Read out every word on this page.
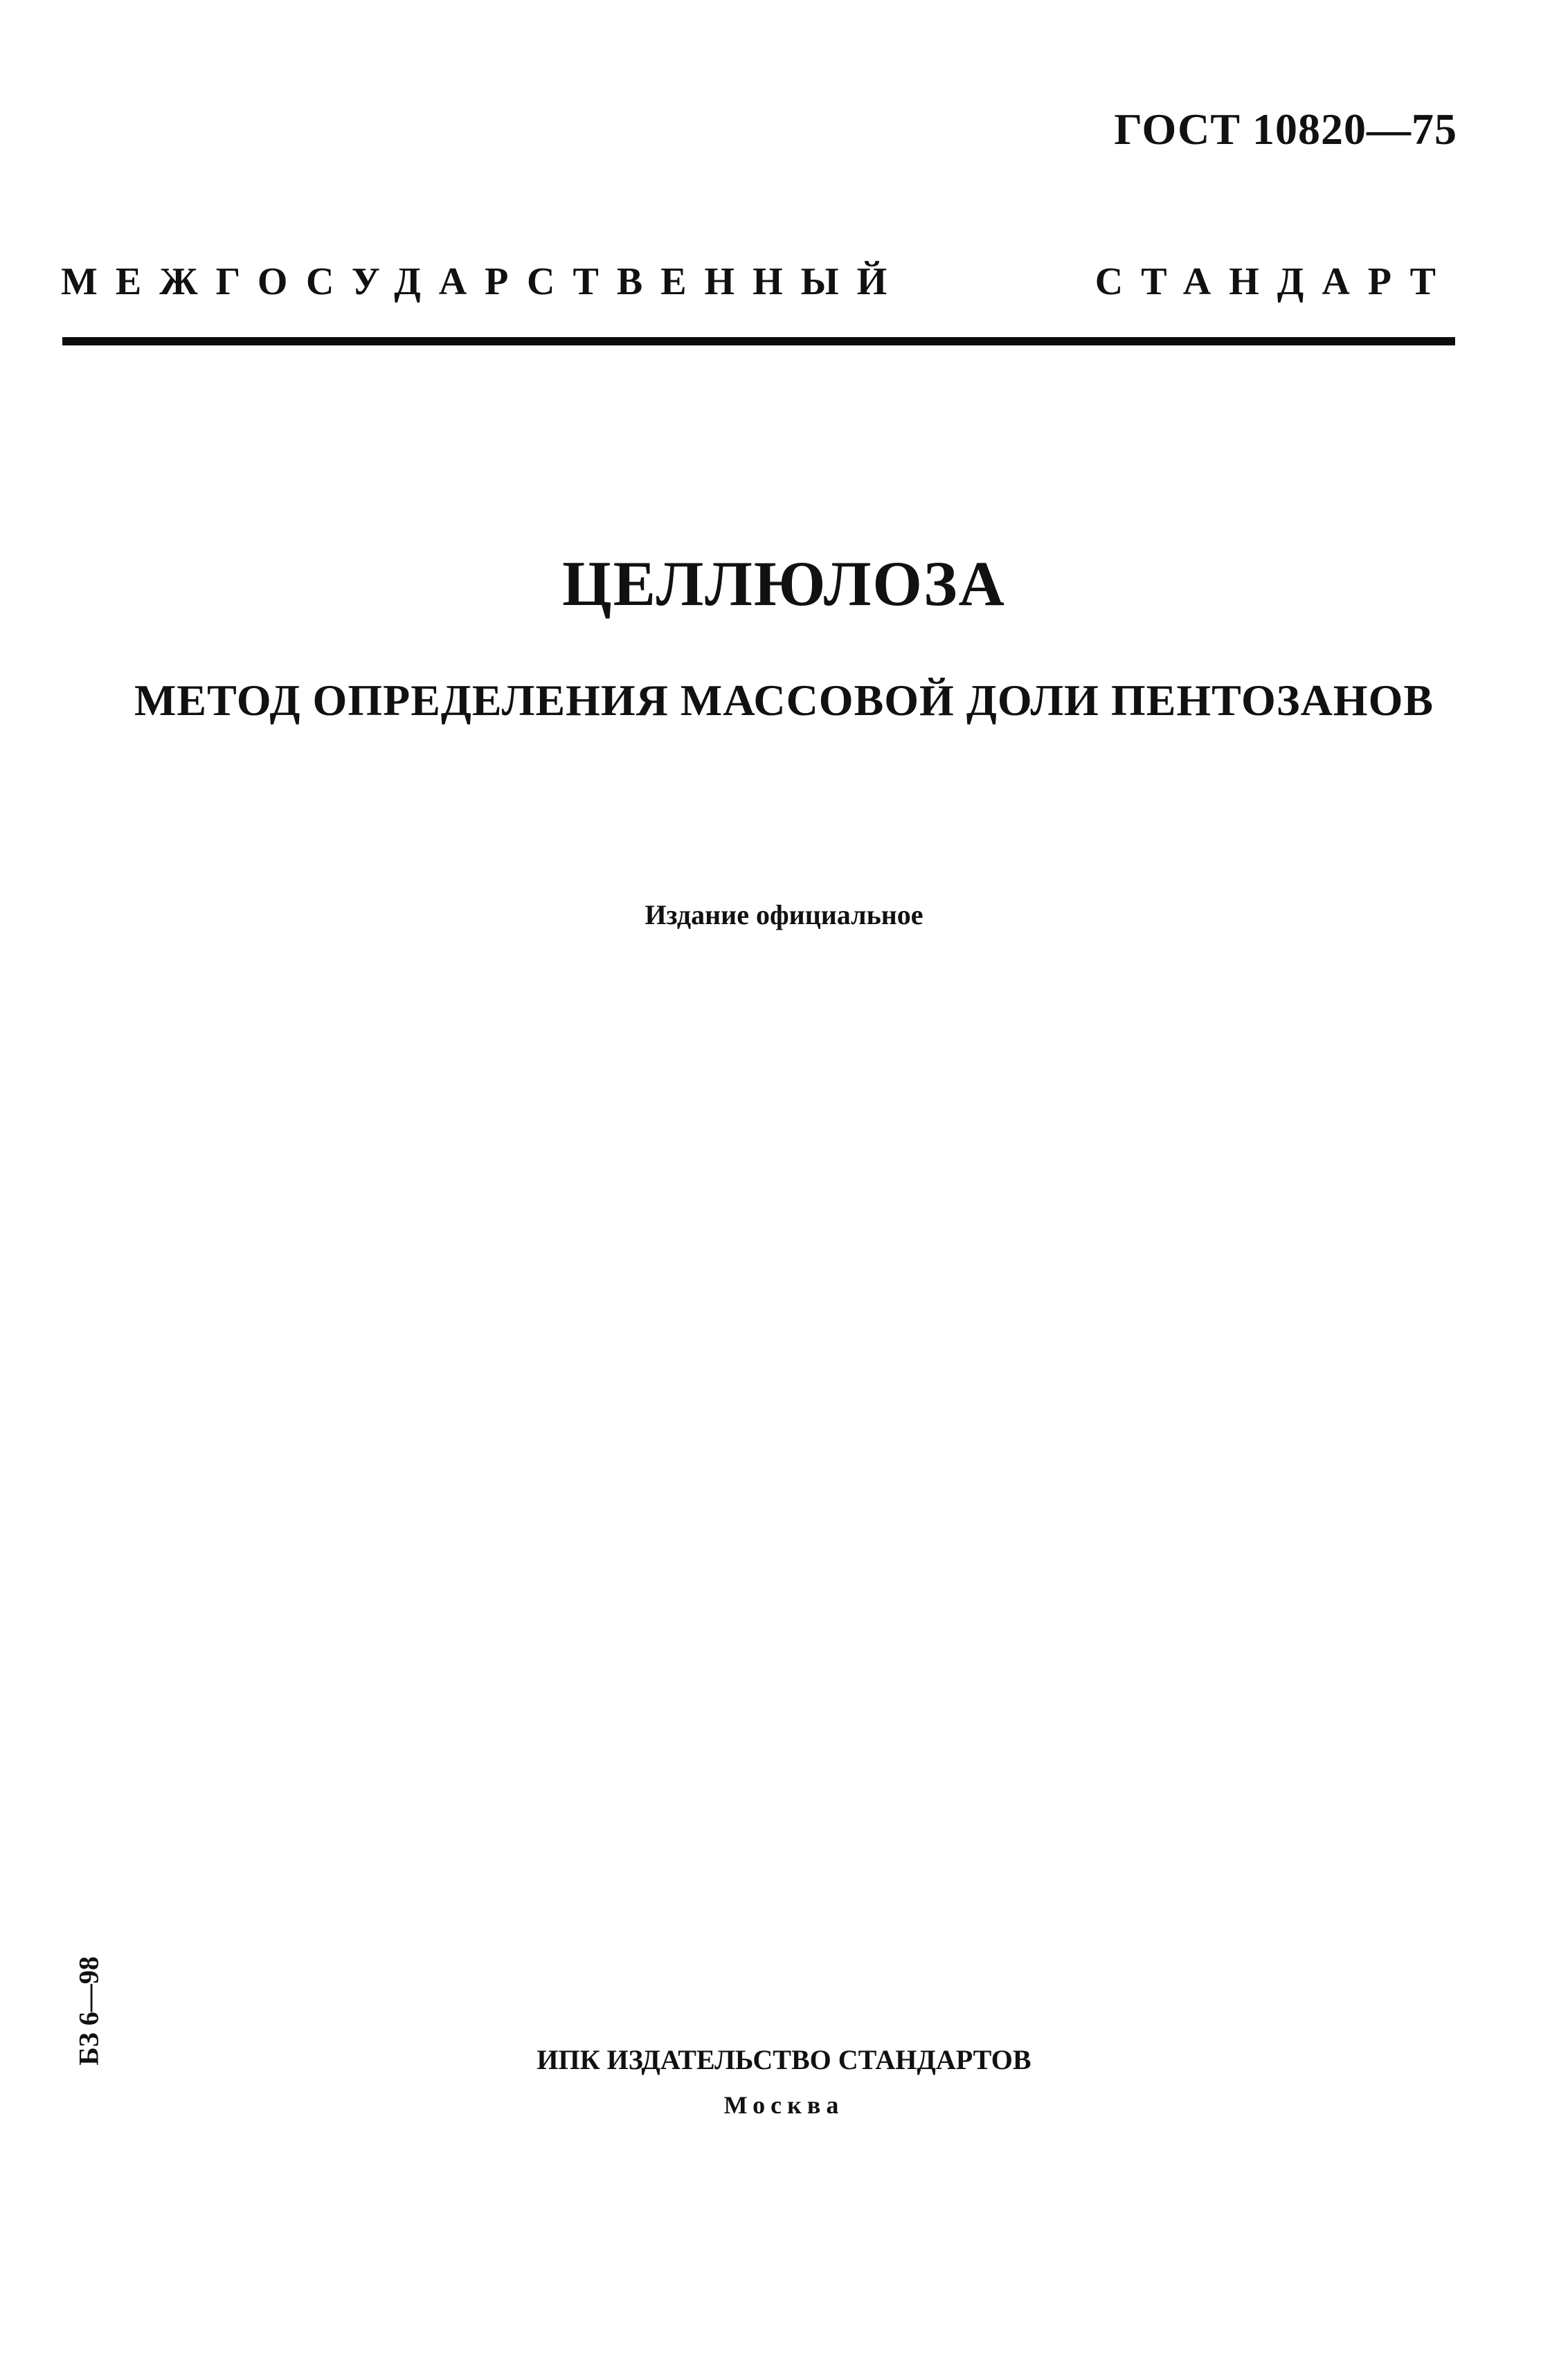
ГОСТ 10820—75
МЕЖГОСУДАРСТВЕННЫЙ	СТАНДАРТ
ЦЕЛЛЮЛОЗА
МЕТОД ОПРЕДЕЛЕНИЯ МАССОВОЙ ДОЛИ ПЕНТОЗАНОВ
Издание официальное
БЗ 6—98	ИПК ИЗДАТЕЛЬСТВО СТАНДАРТОВ
Москва
